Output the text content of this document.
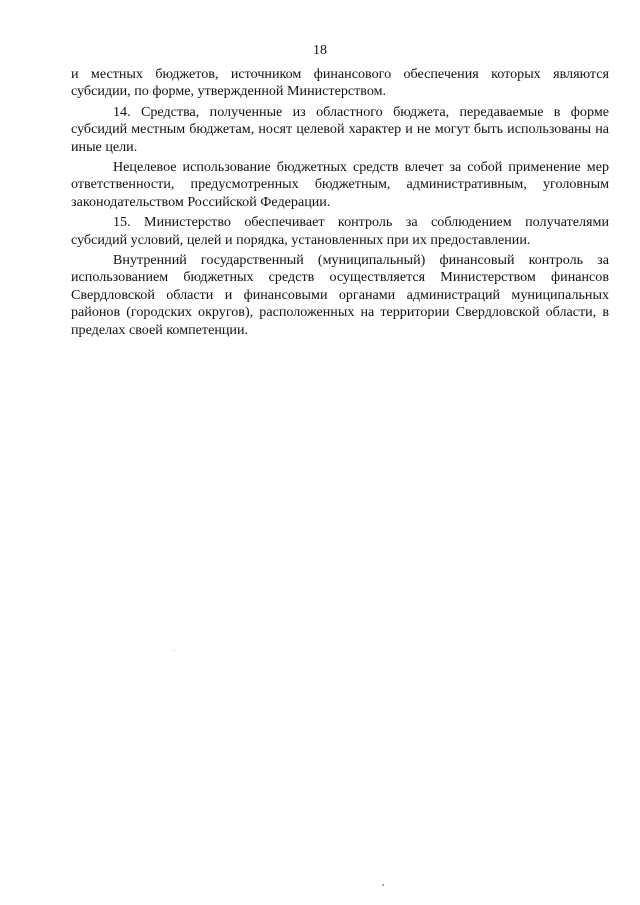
18

и местных бюджетов, источником финансового обеспечения которых являются субсидии, по форме, утвержденной Министерством.

14. Средства, полученные из областного бюджета, передаваемые в форме субсидий местным бюджетам, носят целевой характер и не могут быть использованы на иные цели.

Нецелевое использование бюджетных средств влечет за собой применение мер ответственности, предусмотренных бюджетным, административным, уголовным законодательством Российской Федерации.

15. Министерство обеспечивает контроль за соблюдением получателями субсидий условий, целей и порядка, установленных при их предоставлении.

Внутренний государственный (муниципальный) финансовый контроль за использованием бюджетных средств осуществляется Министерством финансов Свердловской области и финансовыми органами администраций муниципальных районов (городских округов), расположенных на территории Свердловской области, в пределах своей компетенции.
